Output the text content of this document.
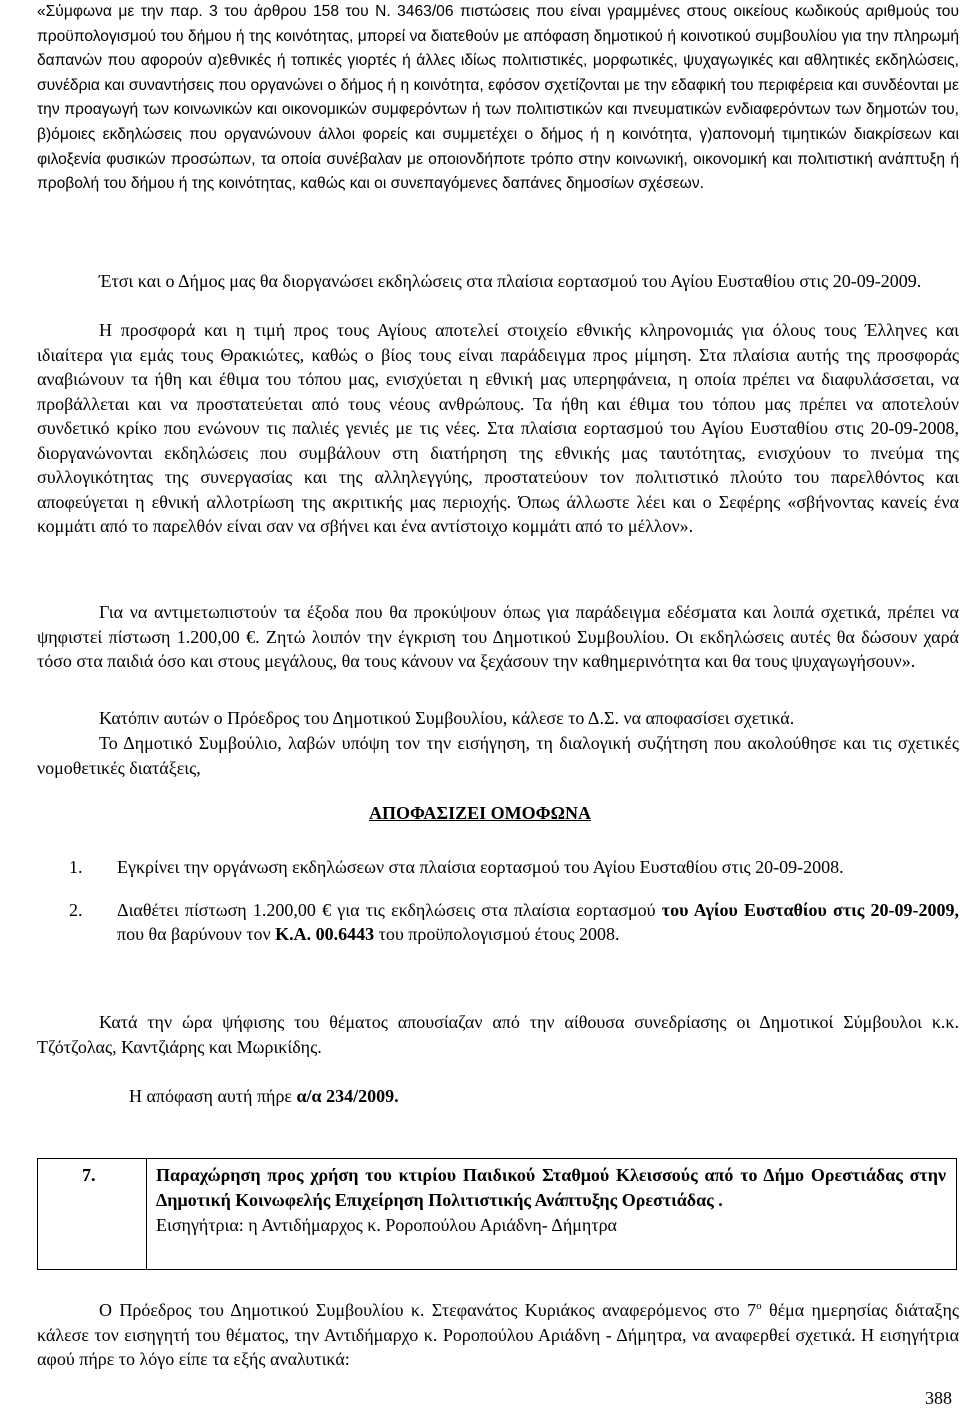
«Σύμφωνα με την παρ. 3 του άρθρου 158 του Ν. 3463/06 πιστώσεις που είναι γραμμένες στους οικείους κωδικούς αριθμούς του προϋπολογισμού του δήμου ή της κοινότητας, μπορεί να διατεθούν με απόφαση δημοτικού ή κοινοτικού συμβουλίου για την πληρωμή δαπανών που αφορούν α)εθνικές ή τοπικές γιορτές ή άλλες ιδίως πολιτιστικές, μορφωτικές, ψυχαγωγικές και αθλητικές εκδηλώσεις, συνέδρια και συναντήσεις που οργανώνει ο δήμος ή η κοινότητα, εφόσον σχετίζονται με την εδαφική του περιφέρεια και συνδέονται με την προαγωγή των κοινωνικών και οικονομικών συμφερόντων ή των πολιτιστικών και πνευματικών ενδιαφερόντων των δημοτών του, β)όμοιες εκδηλώσεις που οργανώνουν άλλοι φορείς και συμμετέχει ο δήμος ή η κοινότητα, γ)απονομή τιμητικών διακρίσεων και φιλοξενία φυσικών προσώπων, τα οποία συνέβαλαν με οποιονδήποτε τρόπο στην κοινωνική, οικονομική και πολιτιστική ανάπτυξη ή προβολή του δήμου ή της κοινότητας, καθώς και οι συνεπαγόμενες δαπάνες δημοσίων σχέσεων.

Έτσι και ο Δήμος μας θα διοργανώσει εκδηλώσεις στα πλαίσια εορτασμού του Αγίου Ευσταθίου στις 20-09-2009.

Η προσφορά και η τιμή προς τους Αγίους αποτελεί στοιχείο εθνικής κληρονομιάς για όλους τους Έλληνες και ιδιαίτερα για εμάς τους Θρακιώτες, καθώς ο βίος τους είναι παράδειγμα προς μίμηση. Στα πλαίσια αυτής της προσφοράς αναβιώνουν τα ήθη και έθιμα του τόπου μας, ενισχύεται η εθνική μας υπερηφάνεια, η οποία πρέπει να διαφυλάσσεται, να προβάλλεται και να προστατεύεται από τους νέους ανθρώπους. Τα ήθη και έθιμα του τόπου μας πρέπει να αποτελούν συνδετικό κρίκο που ενώνουν τις παλιές γενιές με τις νέες. Στα πλαίσια εορτασμού του Αγίου Ευσταθίου στις 20-09-2008, διοργανώνονται εκδηλώσεις που συμβάλουν στη διατήρηση της εθνικής μας ταυτότητας, ενισχύουν το πνεύμα της συλλογικότητας της συνεργασίας και της αλληλεγγύης, προστατεύουν τον πολιτιστικό πλούτο του παρελθόντος και αποφεύγεται η εθνική αλλοτρίωση της ακριτικής μας περιοχής. Όπως άλλωστε λέει και ο Σεφέρης «σβήνοντας κανείς ένα κομμάτι από το παρελθόν είναι σαν να σβήνει και ένα αντίστοιχο κομμάτι από το μέλλον».

Για να αντιμετωπιστούν τα έξοδα που θα προκύψουν όπως για παράδειγμα εδέσματα και λοιπά σχετικά, πρέπει να ψηφιστεί πίστωση 1.200,00 €. Ζητώ λοιπόν την έγκριση του Δημοτικού Συμβουλίου. Οι εκδηλώσεις αυτές θα δώσουν χαρά τόσο στα παιδιά όσο και στους μεγάλους, θα τους κάνουν να ξεχάσουν την καθημερινότητα και θα τους ψυχαγωγήσουν».

Κατόπιν αυτών ο Πρόεδρος του Δημοτικού Συμβουλίου, κάλεσε το Δ.Σ. να αποφασίσει σχετικά.

Το Δημοτικό Συμβούλιο, λαβών υπόψη τον την εισήγηση, τη διαλογική συζήτηση που ακολούθησε και τις σχετικές νομοθετικές διατάξεις,

ΑΠΟΦΑΣΙΖΕΙ ΟΜΟΦΩΝΑ

1. Εγκρίνει την οργάνωση εκδηλώσεων στα πλαίσια εορτασμού του Αγίου Ευσταθίου στις 20-09-2008.

2. Διαθέτει πίστωση 1.200,00 € για τις εκδηλώσεις στα πλαίσια εορτασμού του Αγίου Ευσταθίου στις 20-09-2009, που θα βαρύνουν τον Κ.Α. 00.6443 του προϋπολογισμού έτους 2008.

Κατά την ώρα ψήφισης του θέματος απουσίαζαν από την αίθουσα συνεδρίασης οι Δημοτικοί Σύμβουλοι κ.κ. Τζότζολας, Καντζιάρης και Μωρικίδης.

Η απόφαση αυτή πήρε α/α 234/2009.

7.	Παραχώρηση προς χρήση του κτιρίου Παιδικού Σταθμού Κλεισσούς από το Δήμο Ορεστιάδας στην Δημοτική Κοινωφελής Επιχείρηση Πολιτιστικής Ανάπτυξης Ορεστιάδας .
Εισηγήτρια: η Αντιδήμαρχος κ. Ροροπούλου Αριάδνη- Δήμητρα

Ο Πρόεδρος του Δημοτικού Συμβουλίου κ. Στεφανάτος Κυριάκος αναφερόμενος στο $7^o$ θέμα ημερησίας διάταξης κάλεσε τον εισηγητή του θέματος, την Αντιδήμαρχο κ. Ροροπούλου Αριάδνη - Δήμητρα, να αναφερθεί σχετικά. Η εισηγήτρια αφού πήρε το λόγο είπε τα εξής αναλυτικά:

388
